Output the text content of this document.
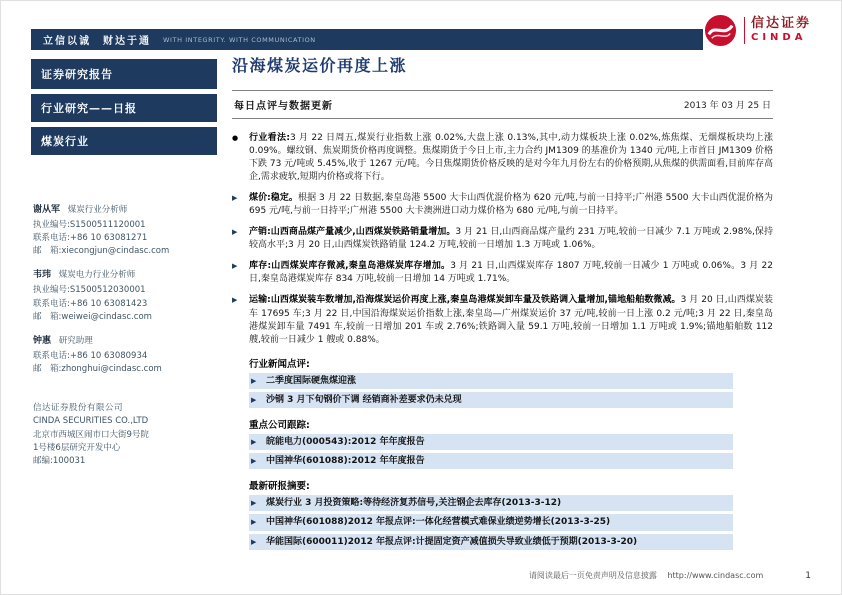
立信以诚　财达于通 WITH INTEGRITY. WITH COMMUNICATION
信达证券
CINDA
证券研究报告
行业研究——日报
煤炭行业
谢从军 煤炭行业分析师
执业编号:S1500511120001
联系电话:+86 10 63081271
邮　箱:xiecongjun@cindasc.com
韦玮 煤炭电力行业分析师
执业编号:S1500512030001
联系电话:+86 10 63081423
邮　箱:weiwei@cindasc.com
钟惠 研究助理
联系电话:+86 10 63080934
邮　箱:zhonghui@cindasc.com
信达证券股份有限公司
CINDA SECURITIES CO.,LTD
北京市西城区闹市口大街9号院
1号楼6层研究开发中心
邮编:100031
沿海煤炭运价再度上涨
每日点评与数据更新	2013 年 03 月 25 日
●	行业看法:3 月 22 日周五,煤炭行业指数上涨 0.02%,大盘上涨 0.13%,其中,动力煤板块上涨 0.02%,炼焦煤、无烟煤板块均上涨 0.09%。螺纹钢、焦炭期货价格再度调整。焦煤期货于今日上市,主力合约 JM1309 的基准价为 1340 元/吨,上市首日 JM1309 价格下跌 73 元/吨或 5.45%,收于 1267 元/吨。今日焦煤期货价格反映的是对今年九月份左右的价格预期,从焦煤的供需面看,目前库存高企,需求疲软,短期内价格或将下行。
▶	煤价:稳定。根据 3 月 22 日数据,秦皇岛港 5500 大卡山西优混价格为 620 元/吨,与前一日持平;广州港 5500 大卡山西优混价格为 695 元/吨,与前一日持平;广州港 5500 大卡澳洲进口动力煤价格为 680 元/吨,与前一日持平。
▶	产销:山西商品煤产量减少,山西煤炭铁路销量增加。3 月 21 日,山西商品煤产量约 231 万吨,较前一日减少 7.1 万吨或 2.98%,保持较高水平;3 月 20 日,山西煤炭铁路销量 124.2 万吨,较前一日增加 1.3 万吨或 1.06%。
▶	库存:山西煤炭库存微减,秦皇岛港煤炭库存增加。3 月 21 日,山西煤炭库存 1807 万吨,较前一日减少 1 万吨或 0.06%。3 月 22 日,秦皇岛港煤炭库存 834 万吨,较前一日增加 14 万吨或 1.71%。
▶	运输:山西煤炭装车数增加,沿海煤炭运价再度上涨,秦皇岛港煤炭卸车量及铁路调入量增加,锚地船舶数微减。3 月 20 日,山西煤炭装车 17695 车;3 月 22 日,中国沿海煤炭运价指数上涨,秦皇岛—广州煤炭运价 37 元/吨,较前一日上涨 0.2 元/吨;3 月 22 日,秦皇岛港煤炭卸车量 7491 车,较前一日增加 201 车或 2.76%;铁路调入量 59.1 万吨,较前一日增加 1.1 万吨或 1.9%;锚地船舶数 112 艘,较前一日减少 1 艘或 0.88%。
行业新闻点评:
▶	二季度国际硬焦煤迎涨
▶	沙钢 3 月下旬钢价下调 经销商补差要求仍未兑现
重点公司跟踪:
▶	皖能电力(000543):2012 年年度报告
▶	中国神华(601088):2012 年年度报告
最新研报摘要:
▶	煤炭行业 3 月投资策略:等待经济复苏信号,关注钢企去库存(2013-3-12)
▶	中国神华(601088)2012 年报点评:一体化经营模式难保业绩逆势增长(2013-3-25)
▶	华能国际(600011)2012 年报点评:计提固定资产减值损失导致业绩低于预期(2013-3-20)
请阅读最后一页免责声明及信息披露 http://www.cindasc.com	1
